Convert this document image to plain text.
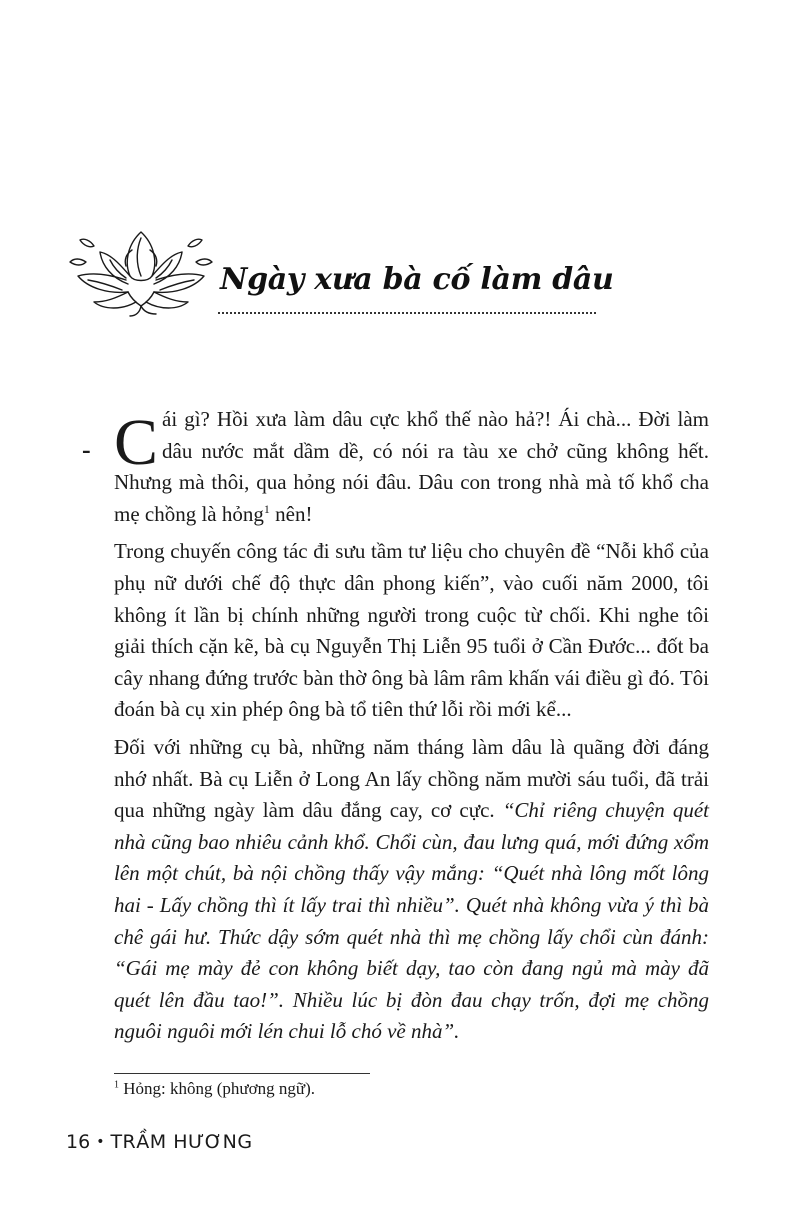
Ngày xưa bà cố làm dâu

- C ái gì? Hồi xưa làm dâu cực khổ thế nào hả?! Ái chà... Đời làm dâu nước mắt dầm dề, có nói ra tàu xe chở cũng không hết. Nhưng mà thôi, qua hỏng nói đâu. Dâu con trong nhà mà tố khổ cha mẹ chồng là hỏng$^1$ nên!

Trong chuyến công tác đi sưu tầm tư liệu cho chuyên đề “Nỗi khổ của phụ nữ dưới chế độ thực dân phong kiến”, vào cuối năm 2000, tôi không ít lần bị chính những người trong cuộc từ chối. Khi nghe tôi giải thích cặn kẽ, bà cụ Nguyễn Thị Liễn 95 tuổi ở Cần Đước... đốt ba cây nhang đứng trước bàn thờ ông bà lâm râm khấn vái điều gì đó. Tôi đoán bà cụ xin phép ông bà tổ tiên thứ lỗi rồi mới kể...

Đối với những cụ bà, những năm tháng làm dâu là quãng đời đáng nhớ nhất. Bà cụ Liễn ở Long An lấy chồng năm mười sáu tuổi, đã trải qua những ngày làm dâu đắng cay, cơ cực. “Chỉ riêng chuyện quét nhà cũng bao nhiêu cảnh khổ. Chổi cùn, đau lưng quá, mới đứng xổm lên một chút, bà nội chồng thấy vậy mắng: “Quét nhà lông mốt lông hai - Lấy chồng thì ít lấy trai thì nhiều”. Quét nhà không vừa ý thì bà chê gái hư. Thức dậy sớm quét nhà thì mẹ chồng lấy chổi cùn đánh: “Gái mẹ mày đẻ con không biết dạy, tao còn đang ngủ mà mày đã quét lên đầu tao!”. Nhiều lúc bị đòn đau chạy trốn, đợi mẹ chồng nguôi nguôi mới lén chui lỗ chó về nhà”.

$^1$ Hỏng: không (phương ngữ).
16 • TRẦM HƯƠNG
